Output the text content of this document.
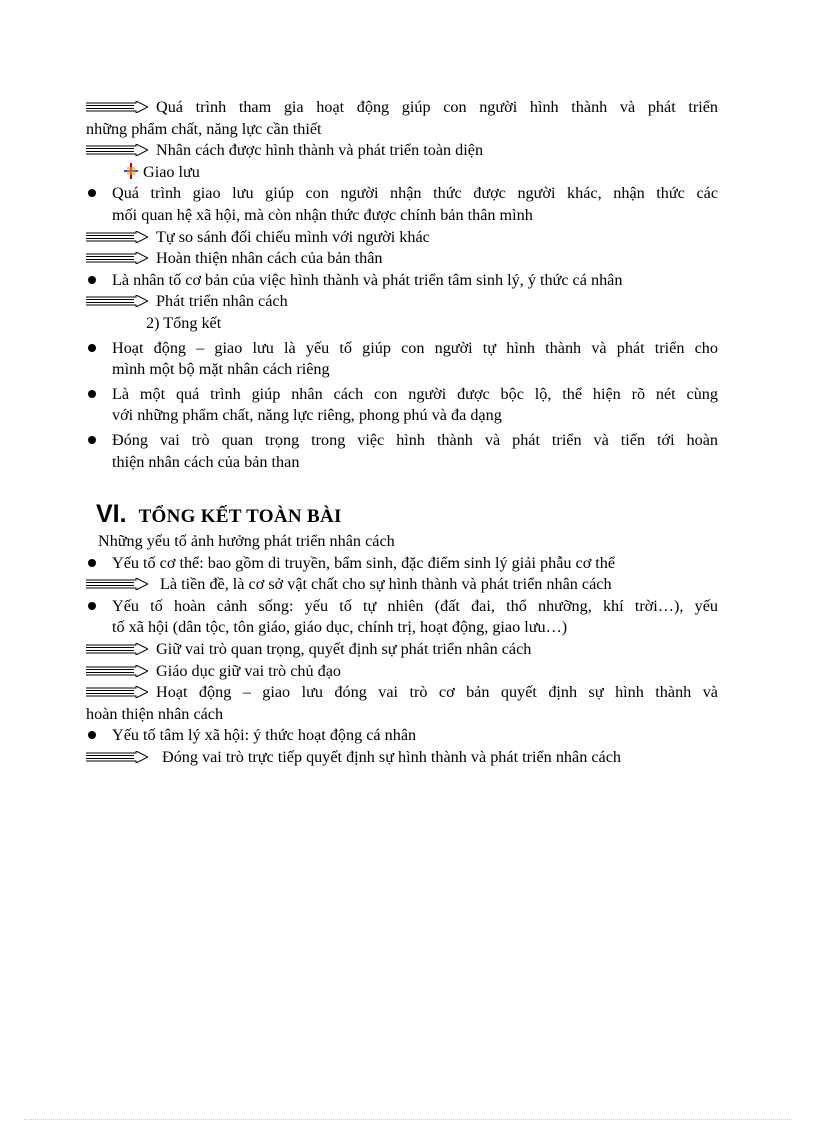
Quá trình tham gia hoạt động giúp con người hình thành và phát triển
những phẩm chất, năng lực cần thiết
Nhân cách được hình thành và phát triển toàn diện
Giao lưu
Quá trình giao lưu giúp con người nhận thức được người khác, nhận thức các
mối quan hệ xã hội, mà còn nhận thức được chính bản thân mình
Tự so sánh đối chiếu mình với người khác
Hoàn thiện nhân cách của bản thân
Là nhân tố cơ bản của việc hình thành và phát triển tâm sinh lý, ý thức cá nhân
Phát triển nhân cách
2) Tổng kết
Hoạt động – giao lưu là yếu tố giúp con người tự hình thành và phát triển cho
mình một bộ mặt nhân cách riêng
Là một quá trình giúp nhân cách con người được bộc lộ, thể hiện rõ nét cùng
với những phẩm chất, năng lực riêng, phong phú và đa dạng
Đóng vai trò quan trọng trong việc hình thành và phát triển và tiến tới hoàn
thiện nhân cách của bản than
VI. TỔNG KẾT TOÀN BÀI
Những yếu tố ảnh hưởng phát triển nhân cách
Yếu tố cơ thể: bao gồm di truyền, bẩm sinh, đặc điểm sinh lý giải phẫu cơ thể
Là tiền đề, là cơ sở vật chất cho sự hình thành và phát triển nhân cách
Yếu tố hoàn cảnh sống: yếu tố tự nhiên (đất đai, thổ nhưỡng, khí trời…), yếu
tố xã hội (dân tộc, tôn giáo, giáo dục, chính trị, hoạt động, giao lưu…)
Giữ vai trò quan trọng, quyết định sự phát triển nhân cách
Giáo dục giữ vai trò chủ đạo
Hoạt động – giao lưu đóng vai trò cơ bản quyết định sự hình thành và
hoàn thiện nhân cách
Yếu tố tâm lý xã hội: ý thức hoạt động cá nhân
Đóng vai trò trực tiếp quyết định sự hình thành và phát triển nhân cách
